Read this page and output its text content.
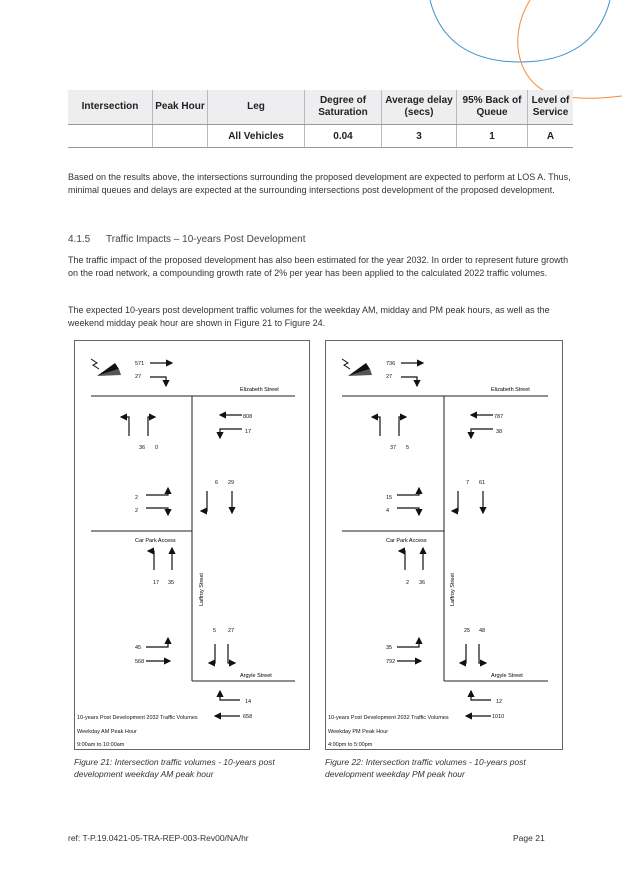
Intersection	Peak Hour	Leg	Degree of Saturation	Average delay (secs)	95% Back of Queue	Level of Service
		All Vehicles	0.04	3	1	A
Based on the results above, the intersections surrounding the proposed development are expected to perform at LOS A. Thus, minimal queues and delays are expected at the surrounding intersections post development of the proposed development.
4.1.5 Traffic Impacts – 10-years Post Development
The traffic impact of the proposed development has also been estimated for the year 2032. In order to represent future growth on the road network, a compounding growth rate of 2% per year has been applied to the calculated 2022 traffic volumes.
The expected 10-years post development traffic volumes for the weekday AM, midday and PM peak hours, as well as the weekend midday peak hour are shown in Figure 21 to Figure 24.
Elizabeth Street
Car Park Access
Laffroy Street
Argyle Street
571
27
808
17
36 0
6 29
2
2
17 35
5 27
45
568
14
658
10-years Post Development 2032 Traffic Volumes
Weekday AM Peak Hour
9:00am to 10:00am
Figure 21: Intersection traffic volumes - 10-years post development weekday AM peak hour
Elizabeth Street
Car Park Access
Laffroy Street
Argyle Street
736
27
787
38
37 5
7 61
15
4
2 36
25 48
35
792
12
1010
10-years Post Development 2032 Traffic Volumes
Weekday PM Peak Hour
4:00pm to 5:00pm
Figure 22: Intersection traffic volumes - 10-years post development weekday PM peak hour
ref: T-P.19.0421-05-TRA-REP-003-Rev00/NA/hr	Page 21
